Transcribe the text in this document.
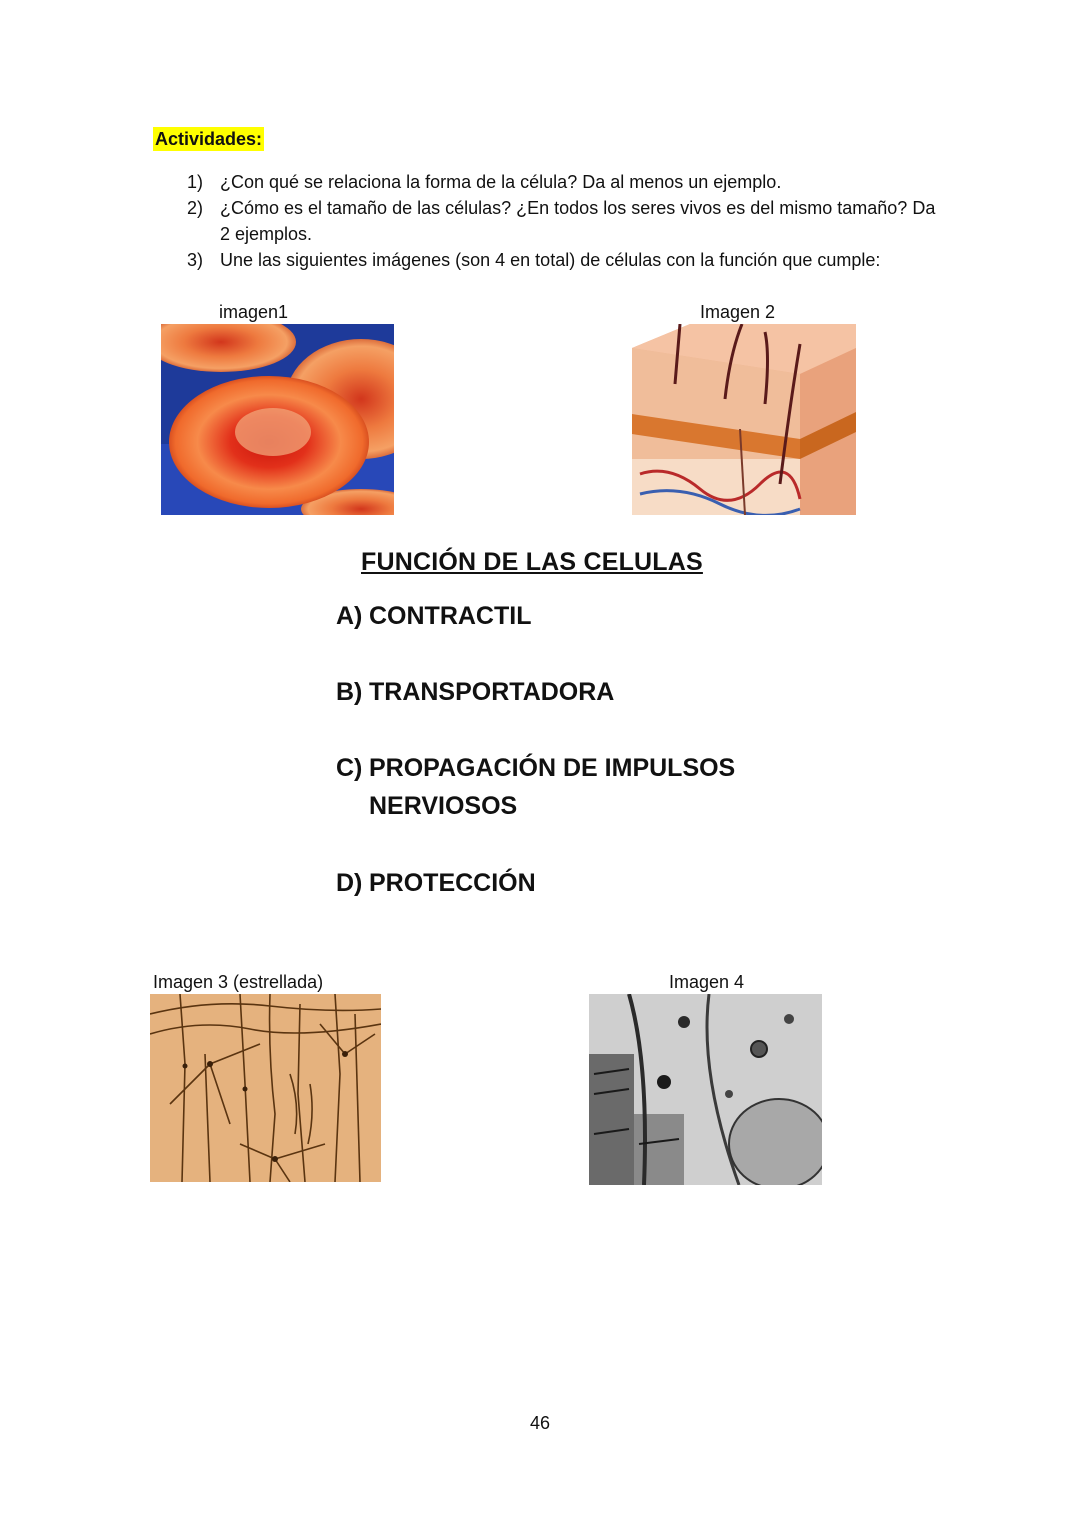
Actividades:
1) ¿Con qué se relaciona la forma de la célula? Da al menos un ejemplo.
2) ¿Cómo es el tamaño de las células? ¿En todos los seres vivos es del mismo tamaño? Da
2 ejemplos.
3) Une las siguientes imágenes (son 4 en total) de células con la función que cumple:
imagen1	Imagen 2
FUNCIÓN DE LAS CELULAS
A) CONTRACTIL
B) TRANSPORTADORA
C) PROPAGACIÓN DE IMPULSOS
NERVIOSOS
D) PROTECCIÓN
Imagen 3 (estrellada)	Imagen 4
46
